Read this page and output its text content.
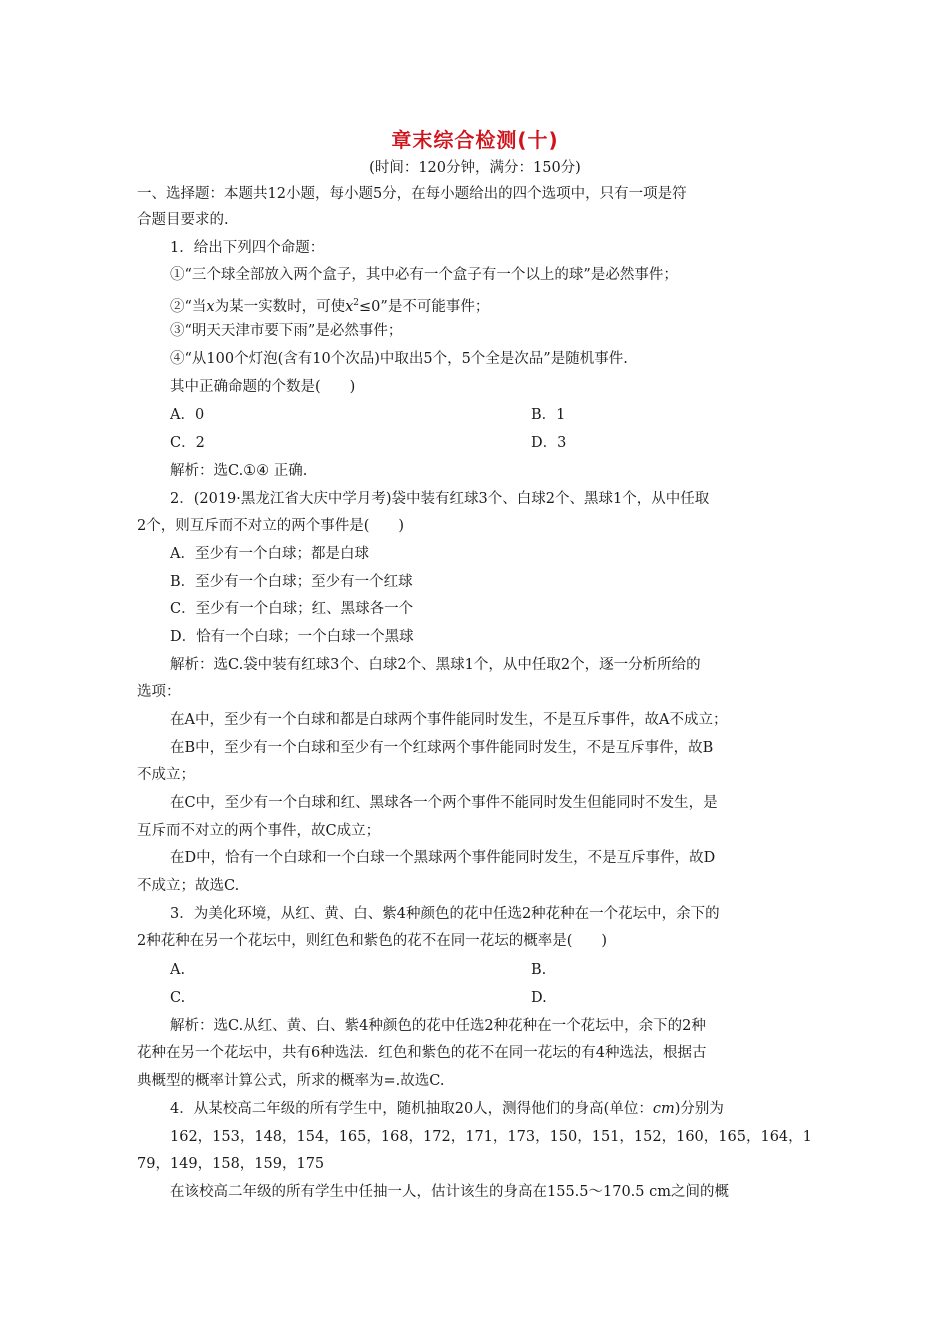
章末综合检测(十)
(时间：120分钟，满分：150分)
一、选择题：本题共12小题，每小题5分，在每小题给出的四个选项中，只有一项是符
合题目要求的.
1．给出下列四个命题：
①“三个球全部放入两个盒子，其中必有一个盒子有一个以上的球”是必然事件；
②“当x为某一实数时，可使$x^2\le 0$”是不可能事件；
③“明天天津市要下雨”是必然事件；
④“从100个灯泡(含有10个次品)中取出5个，5个全是次品”是随机事件.
其中正确命题的个数是(　　)
A．0	B．1
C．2	D．3
解析：选C.①④ 正确.
2．(2019·黑龙江省大庆中学月考)袋中装有红球3个、白球2个、黑球1个，从中任取
2个，则互斥而不对立的两个事件是(　　)
A．至少有一个白球；都是白球
B．至少有一个白球；至少有一个红球
C．至少有一个白球；红、黑球各一个
D．恰有一个白球；一个白球一个黑球
解析：选C.袋中装有红球3个、白球2个、黑球1个，从中任取2个，逐一分析所给的
选项：
在A中，至少有一个白球和都是白球两个事件能同时发生，不是互斥事件，故A不成立；
在B中，至少有一个白球和至少有一个红球两个事件能同时发生，不是互斥事件，故B
不成立；
在C中，至少有一个白球和红、黑球各一个两个事件不能同时发生但能同时不发生，是
互斥而不对立的两个事件，故C成立；
在D中，恰有一个白球和一个白球一个黑球两个事件能同时发生，不是互斥事件，故D
不成立；故选C.
3．为美化环境，从红、黄、白、紫4种颜色的花中任选2种花种在一个花坛中，余下的
2种花种在另一个花坛中，则红色和紫色的花不在同一花坛的概率是(　　)
A.	B.
C.	D.
解析：选C.从红、黄、白、紫4种颜色的花中任选2种花种在一个花坛中，余下的2种
花种在另一个花坛中，共有6种选法．红色和紫色的花不在同一花坛的有4种选法，根据古
典概型的概率计算公式，所求的概率为=.故选C.
4．从某校高二年级的所有学生中，随机抽取20人，测得他们的身高(单位：cm)分别为
162，153，148，154，165，168，172，171，173，150，151，152，160，165，164，1
79，149，158，159，175
在该校高二年级的所有学生中任抽一人，估计该生的身高在155.5～170.5 cm之间的概
